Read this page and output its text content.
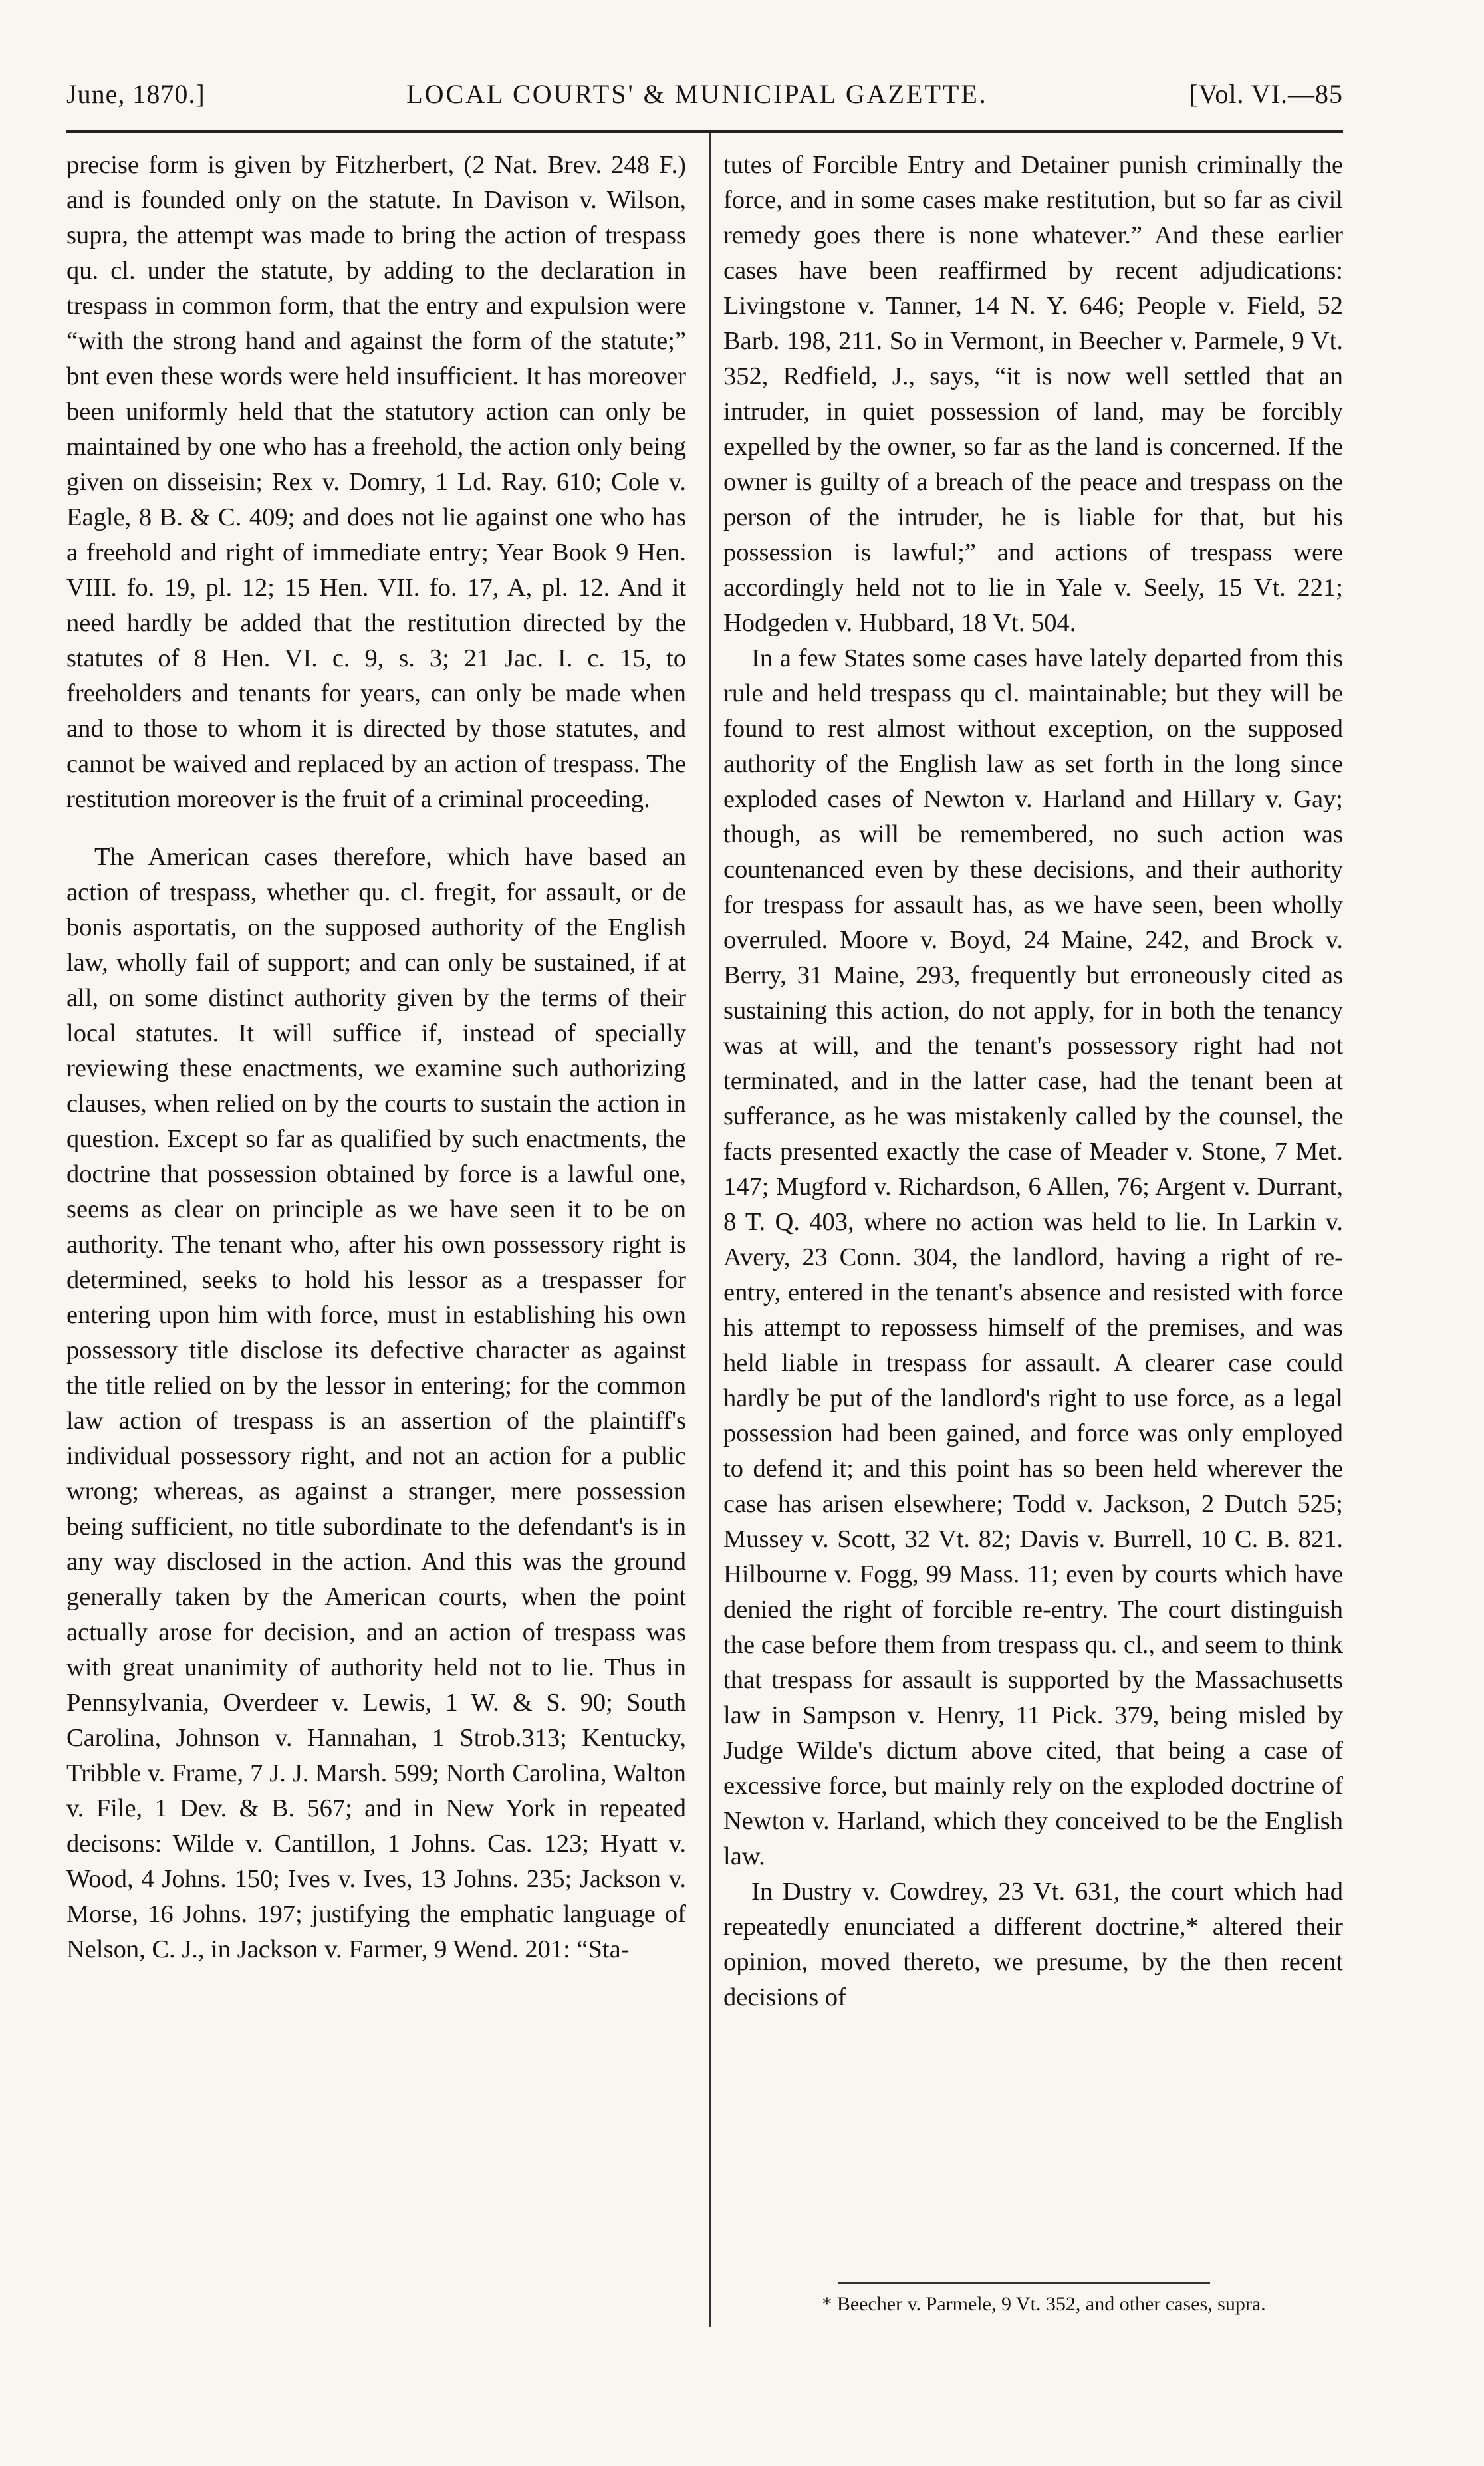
June, 1870.]	LOCAL COURTS' & MUNICIPAL GAZETTE.	[Vol. VI.—85

precise form is given by Fitzherbert, (2 Nat. Brev. 248 F.) and is founded only on the statute. In Davison v. Wilson, supra, the attempt was made to bring the action of trespass qu. cl. under the statute, by adding to the declaration in trespass in common form, that the entry and expulsion were “with the strong hand and against the form of the statute;” bnt even these words were held insufficient. It has moreover been uniformly held that the statutory action can only be maintained by one who has a freehold, the action only being given on disseisin; Rex v. Domry, 1 Ld. Ray. 610; Cole v. Eagle, 8 B. & C. 409; and does not lie against one who has a freehold and right of immediate entry; Year Book 9 Hen. VIII. fo. 19, pl. 12; 15 Hen. VII. fo. 17, A, pl. 12. And it need hardly be added that the restitution directed by the statutes of 8 Hen. VI. c. 9, s. 3; 21 Jac. I. c. 15, to freeholders and tenants for years, can only be made when and to those to whom it is directed by those statutes, and cannot be waived and replaced by an action of trespass. The restitution moreover is the fruit of a criminal proceeding.

The American cases therefore, which have based an action of trespass, whether qu. cl. fregit, for assault, or de bonis asportatis, on the supposed authority of the English law, wholly fail of support; and can only be sustained, if at all, on some distinct authority given by the terms of their local statutes. It will suffice if, instead of specially reviewing these enactments, we examine such authorizing clauses, when relied on by the courts to sustain the action in question. Except so far as qualified by such enactments, the doctrine that possession obtained by force is a lawful one, seems as clear on principle as we have seen it to be on authority. The tenant who, after his own possessory right is determined, seeks to hold his lessor as a trespasser for entering upon him with force, must in establishing his own possessory title disclose its defective character as against the title relied on by the lessor in entering; for the common law action of trespass is an assertion of the plaintiff's individual possessory right, and not an action for a public wrong; whereas, as against a stranger, mere possession being sufficient, no title subordinate to the defendant's is in any way disclosed in the action. And this was the ground generally taken by the American courts, when the point actually arose for decision, and an action of trespass was with great unanimity of authority held not to lie. Thus in Pennsylvania, Overdeer v. Lewis, 1 W. & S. 90; South Carolina, Johnson v. Hannahan, 1 Strob.313; Kentucky, Tribble v. Frame, 7 J. J. Marsh. 599; North Carolina, Walton v. File, 1 Dev. & B. 567; and in New York in repeated decisons: Wilde v. Cantillon, 1 Johns. Cas. 123; Hyatt v. Wood, 4 Johns. 150; Ives v. Ives, 13 Johns. 235; Jackson v. Morse, 16 Johns. 197; justifying the emphatic language of Nelson, C. J., in Jackson v. Farmer, 9 Wend. 201: “Sta-

tutes of Forcible Entry and Detainer punish criminally the force, and in some cases make restitution, but so far as civil remedy goes there is none whatever.” And these earlier cases have been reaffirmed by recent adjudications: Livingstone v. Tanner, 14 N. Y. 646; People v. Field, 52 Barb. 198, 211. So in Vermont, in Beecher v. Parmele, 9 Vt. 352, Redfield, J., says, “it is now well settled that an intruder, in quiet possession of land, may be forcibly expelled by the owner, so far as the land is concerned. If the owner is guilty of a breach of the peace and trespass on the person of the intruder, he is liable for that, but his possession is lawful;” and actions of trespass were accordingly held not to lie in Yale v. Seely, 15 Vt. 221; Hodgeden v. Hubbard, 18 Vt. 504.

In a few States some cases have lately departed from this rule and held trespass qu cl. maintainable; but they will be found to rest almost without exception, on the supposed authority of the English law as set forth in the long since exploded cases of Newton v. Harland and Hillary v. Gay; though, as will be remembered, no such action was countenanced even by these decisions, and their authority for trespass for assault has, as we have seen, been wholly overruled. Moore v. Boyd, 24 Maine, 242, and Brock v. Berry, 31 Maine, 293, frequently but erroneously cited as sustaining this action, do not apply, for in both the tenancy was at will, and the tenant's possessory right had not terminated, and in the latter case, had the tenant been at sufferance, as he was mistakenly called by the counsel, the facts presented exactly the case of Meader v. Stone, 7 Met. 147; Mugford v. Richardson, 6 Allen, 76; Argent v. Durrant, 8 T. Q. 403, where no action was held to lie. In Larkin v. Avery, 23 Conn. 304, the landlord, having a right of re-entry, entered in the tenant's absence and resisted with force his attempt to repossess himself of the premises, and was held liable in trespass for assault. A clearer case could hardly be put of the landlord's right to use force, as a legal possession had been gained, and force was only employed to defend it; and this point has so been held wherever the case has arisen elsewhere; Todd v. Jackson, 2 Dutch 525; Mussey v. Scott, 32 Vt. 82; Davis v. Burrell, 10 C. B. 821. Hilbourne v. Fogg, 99 Mass. 11; even by courts which have denied the right of forcible re-entry. The court distinguish the case before them from trespass qu. cl., and seem to think that trespass for assault is supported by the Massachusetts law in Sampson v. Henry, 11 Pick. 379, being misled by Judge Wilde's dictum above cited, that being a case of excessive force, but mainly rely on the exploded doctrine of Newton v. Harland, which they conceived to be the English law.

In Dustry v. Cowdrey, 23 Vt. 631, the court which had repeatedly enunciated a different doctrine,* altered their opinion, moved thereto, we presume, by the then recent decisions of

* Beecher v. Parmele, 9 Vt. 352, and other cases, supra.
